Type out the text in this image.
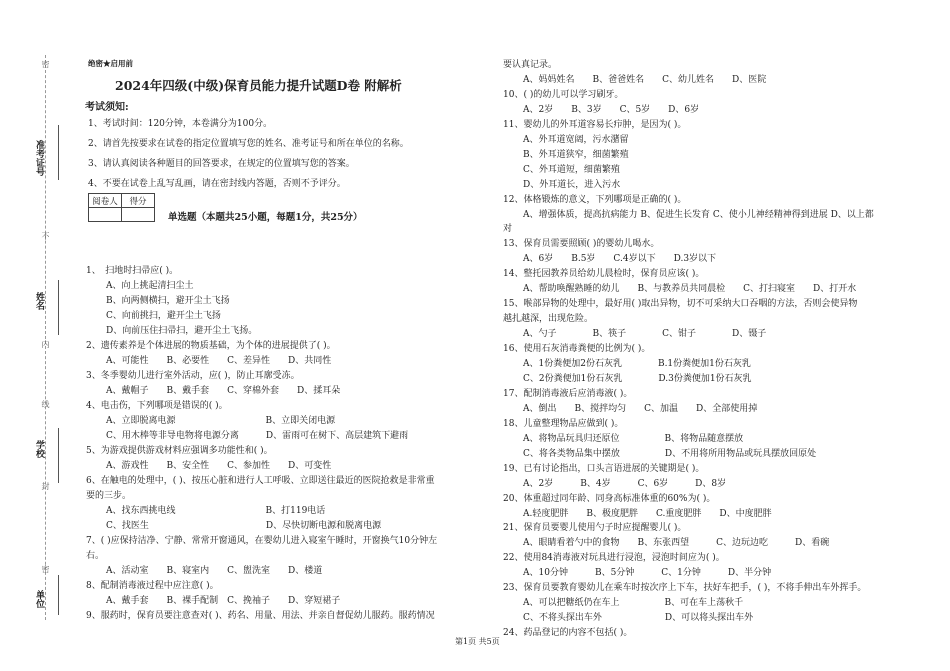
密
准考证号
不
姓名
内
线
学校
封
单位
密
绝密★启用前
2024年四级(中级)保育员能力提升试题D卷 附解析
考试须知:
1、考试时间：120分钟，本卷满分为100分。
2、请首先按要求在试卷的指定位置填写您的姓名、准考证号和所在单位的名称。
3、请认真阅读各种题目的回答要求，在规定的位置填写您的答案。
4、不要在试卷上乱写乱画，请在密封线内答题，否则不予评分。
阅卷人	得分

单选题（本题共25小题，每题1分，共25分）
1、　扫地时扫帚应( )。
A、向上挑起清扫尘土
B、向两侧横扫，避开尘土飞扬
C、向前挑扫，避开尘土飞扬
D、向前压住扫帚扫，避开尘土飞扬。
2、遗传素养是个体进展的物质基础，为个体的进展提供了( )。
A、可能性　　B、必要性　　C、差异性　　D、共同性
3、冬季婴幼儿进行室外活动，应( )，防止耳廓受冻。
A、戴帽子　　B、戴手套　　C、穿棉外套　　D、揉耳朵
4、电击伤，下列哪项是错误的( )。
A、立即脱离电源　　　　　　　　　　B、立即关闭电源
C、用木棒等非导电物将电源分离　　　D、雷雨可在树下、高层建筑下避雨
5、为游戏提供游戏材料应强调多功能性和( )。
A、游戏性　　B、安全性　　C、参加性　　D、可变性
6、在触电的处理中，( )、按压心脏和进行人工呼吸、立即送往最近的医院抢救是非常重
要的三步。
A、找东西挑电线　　　　　　　　　　B、打119电话
C、找医生　　　　　　　　　　　　　D、尽快切断电源和脱离电源
7、( )应保持洁净、宁静、常常开窗通风，在婴幼儿进入寝室午睡时，开窗换气10分钟左
右。
A、活动室　　B、寝室内　　C、盥洗室　　D、楼道
8、配制消毒液过程中应注意( )。
A、戴手套　　B、裸手配制　C、挽袖子　　D、穿短裙子
9、服药时，保育员要注意查对( )、药名、用量、用法、并亲自督促幼儿服药。服药情况
要认真记录。
A、妈妈姓名　　B、爸爸姓名　　C、幼儿姓名　　D、医院
10、( )的幼儿可以学习刷牙。
A、2岁　　B、3岁　　C、5岁　　D、6岁
11、婴幼儿的外耳道容易长疖肿，是因为( )。
A、外耳道宽阔，污水潴留
B、外耳道狭窄，细菌繁殖
C、外耳道短，细菌繁殖
D、外耳道长，进入污水
12、体格锻炼的意义，下列哪项是正确的( )。
A、增强体质，提高抗病能力 B、促进生长发育 C、使小儿神经精神得到进展 D、以上都
对
13、保育员需要照顾( )的婴幼儿喝水。
A、6岁　　B.5岁　　C.4岁以下　　D.3岁以下
14、整托园教养员给幼儿晨检时，保育员应该( )。
A、帮助唤醒熟睡的幼儿　　B、与教养员共同晨检　　C、打扫寝室　　D、打开水
15、喉部异物的处理中，最好用( )取出异物，切不可采纳大口吞咽的方法，否则会使异物
越扎越深，出现危险。
A、勺子　　　　B、筷子　　　　C、钳子　　　　D、镊子
16、使用石灰消毒粪便的比例为( )。
A、1份粪便加2份石灰乳　　　　B.1份粪便加1份石灰乳
C、2份粪便加1份石灰乳　　　　D.3份粪便加1份石灰乳
17、配制消毒液后应消毒液( )。
A、倒出　　B、搅拌均匀　　C、加温　　D、全部使用掉
18、儿童整理物品应做到( )。
A、将物品玩具归还原位　　　　　B、将物品随意摆放
C、将各类物品集中摆放　　　　　D、不用将所用物品或玩具摆放回原处
19、已有讨论指出，口头言语进展的关键期是( )。
A、2岁　　　B、4岁　　　C、6岁　　　D、8岁
20、体重超过同年龄、同身高标准体重的60%为( )。
A.轻度肥胖　　B、极度肥胖　　C.重度肥胖　　D、中度肥胖
21、保育员要婴儿使用勺子时应提醒婴儿( )。
A、眼睛看着勺中的食物　　B、东张西望　　　C、边玩边吃　　　D、看碗
22、使用84消毒液对玩具进行浸泡，浸泡时间应为( )。
A、10分钟　　　B、5分钟　　　C、1分钟　　　D、半分钟
23、保育员要教育婴幼儿在乘车时按次序上下车，扶好车把手，( )，不将手伸出车外挥手。
A、可以把糖纸仍在车上　　　　　B、可在车上荡秋千
C、不将头探出车外　　　　　　　D、可以将头探出车外
24、药品登记的内容不包括( )。
第1页 共5页
